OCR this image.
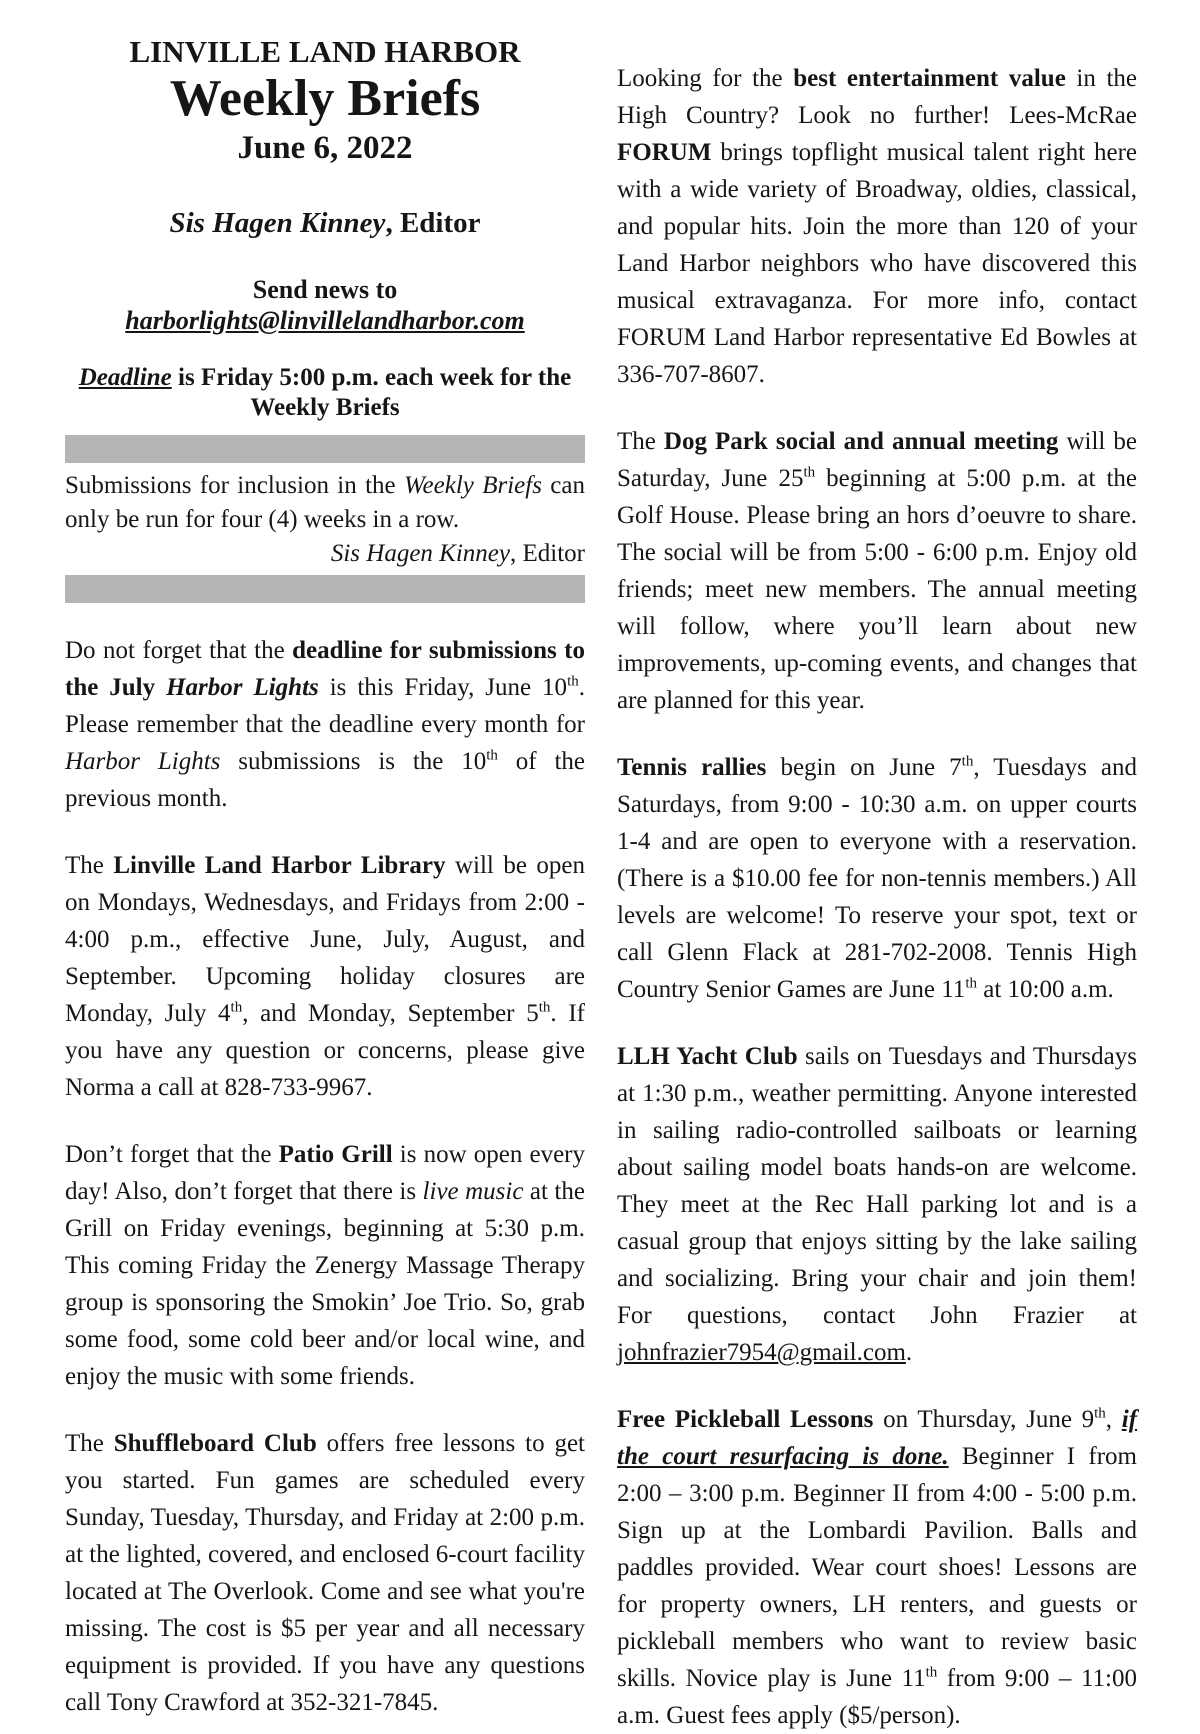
LINVILLE LAND HARBOR
Weekly Briefs
June 6, 2022
Sis Hagen Kinney, Editor
Send news to
harborlights@linvillelandharbor.com
Deadline is Friday 5:00 p.m. each week for the Weekly Briefs

Submissions for inclusion in the Weekly Briefs can only be run for four (4) weeks in a row.

Sis Hagen Kinney, Editor

Do not forget that the deadline for submissions to the July Harbor Lights is this Friday, June 10th. Please remember that the deadline every month for Harbor Lights submissions is the 10th of the previous month.

The Linville Land Harbor Library will be open on Mondays, Wednesdays, and Fridays from 2:00 - 4:00 p.m., effective June, July, August, and September. Upcoming holiday closures are Monday, July 4th, and Monday, September 5th. If you have any question or concerns, please give Norma a call at 828-733-9967.

Don’t forget that the Patio Grill is now open every day! Also, don’t forget that there is live music at the Grill on Friday evenings, beginning at 5:30 p.m. This coming Friday the Zenergy Massage Therapy group is sponsoring the Smokin’ Joe Trio. So, grab some food, some cold beer and/or local wine, and enjoy the music with some friends.

The Shuffleboard Club offers free lessons to get you started. Fun games are scheduled every Sunday, Tuesday, Thursday, and Friday at 2:00 p.m. at the lighted, covered, and enclosed 6-court facility located at The Overlook. Come and see what you're missing. The cost is $5 per year and all necessary equipment is provided. If you have any questions call Tony Crawford at 352-321-7845.

Looking for the best entertainment value in the High Country? Look no further! Lees-McRae FORUM brings topflight musical talent right here with a wide variety of Broadway, oldies, classical, and popular hits. Join the more than 120 of your Land Harbor neighbors who have discovered this musical extravaganza. For more info, contact FORUM Land Harbor representative Ed Bowles at 336-707-8607.

The Dog Park social and annual meeting will be Saturday, June 25th beginning at 5:00 p.m. at the Golf House. Please bring an hors d’oeuvre to share. The social will be from 5:00 - 6:00 p.m. Enjoy old friends; meet new members. The annual meeting will follow, where you’ll learn about new improvements, up-coming events, and changes that are planned for this year.

Tennis rallies begin on June 7th, Tuesdays and Saturdays, from 9:00 - 10:30 a.m. on upper courts 1-4 and are open to everyone with a reservation. (There is a $10.00 fee for non-tennis members.) All levels are welcome! To reserve your spot, text or call Glenn Flack at 281-702-2008. Tennis High Country Senior Games are June 11th at 10:00 a.m.

LLH Yacht Club sails on Tuesdays and Thursdays at 1:30 p.m., weather permitting. Anyone interested in sailing radio-controlled sailboats or learning about sailing model boats hands-on are welcome. They meet at the Rec Hall parking lot and is a casual group that enjoys sitting by the lake sailing and socializing. Bring your chair and join them! For questions, contact John Frazier at johnfrazier7954@gmail.com.

Free Pickleball Lessons on Thursday, June 9th, if the court resurfacing is done. Beginner I from 2:00 – 3:00 p.m. Beginner II from 4:00 - 5:00 p.m. Sign up at the Lombardi Pavilion. Balls and paddles provided. Wear court shoes! Lessons are for property owners, LH renters, and guests or pickleball members who want to review basic skills. Novice play is June 11th from 9:00 – 11:00 a.m. Guest fees apply ($5/person).
